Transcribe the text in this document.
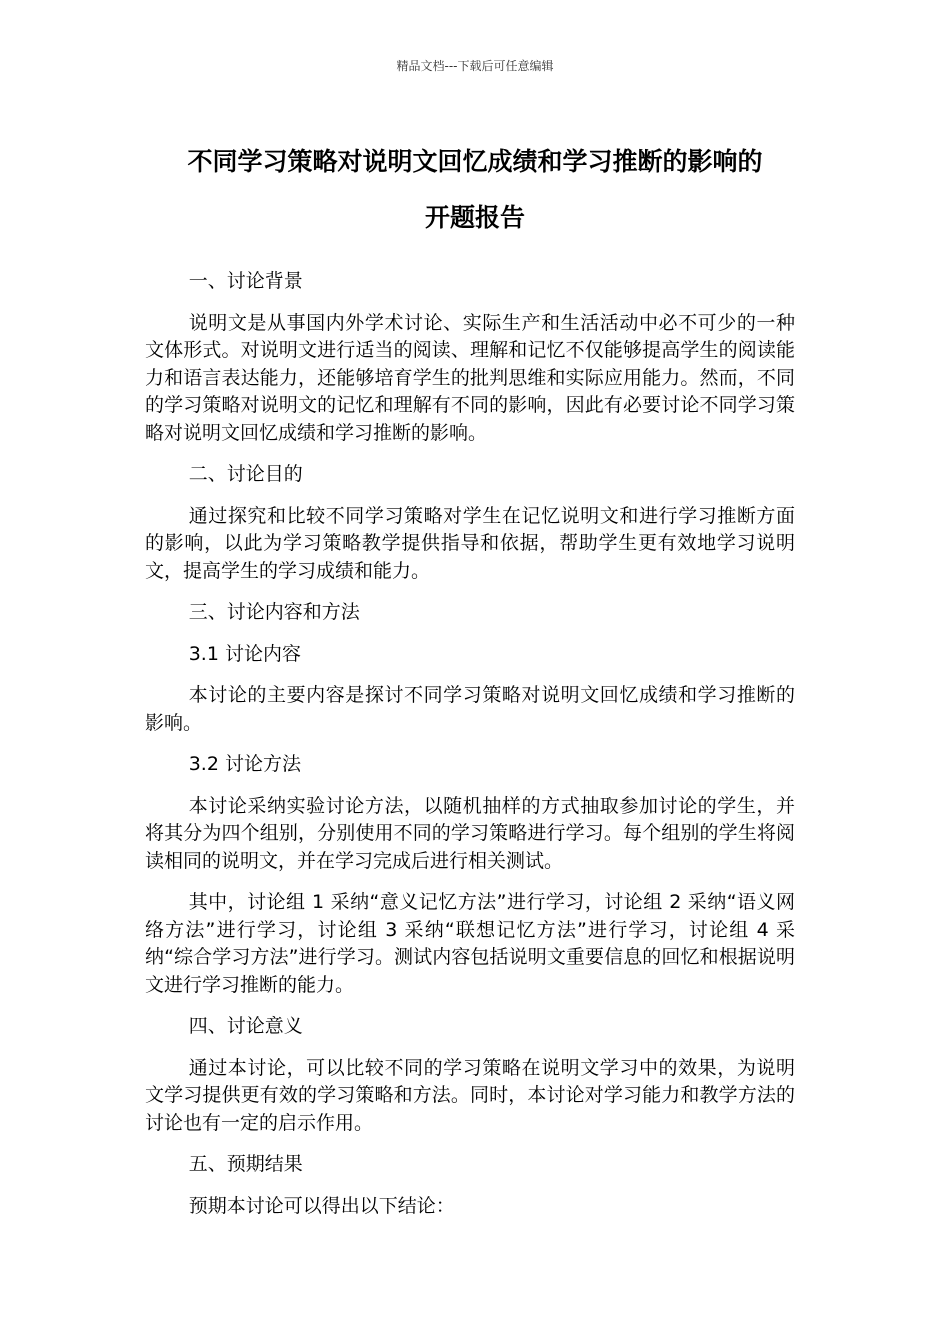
精品文档---下载后可任意编辑
不同学习策略对说明文回忆成绩和学习推断的影响的
开题报告

一、讨论背景

说明文是从事国内外学术讨论、实际生产和生活活动中必不可少的一种文体形式。对说明文进行适当的阅读、理解和记忆不仅能够提高学生的阅读能力和语言表达能力，还能够培育学生的批判思维和实际应用能力。然而，不同的学习策略对说明文的记忆和理解有不同的影响，因此有必要讨论不同学习策略对说明文回忆成绩和学习推断的影响。

二、讨论目的

通过探究和比较不同学习策略对学生在记忆说明文和进行学习推断方面的影响，以此为学习策略教学提供指导和依据，帮助学生更有效地学习说明文，提高学生的学习成绩和能力。

三、讨论内容和方法

3.1 讨论内容

本讨论的主要内容是探讨不同学习策略对说明文回忆成绩和学习推断的影响。

3.2 讨论方法

本讨论采纳实验讨论方法，以随机抽样的方式抽取参加讨论的学生，并将其分为四个组别，分别使用不同的学习策略进行学习。每个组别的学生将阅读相同的说明文，并在学习完成后进行相关测试。

其中，讨论组 1 采纳“意义记忆方法”进行学习，讨论组 2 采纳“语义网络方法”进行学习，讨论组 3 采纳“联想记忆方法”进行学习，讨论组 4 采纳“综合学习方法”进行学习。测试内容包括说明文重要信息的回忆和根据说明文进行学习推断的能力。

四、讨论意义

通过本讨论，可以比较不同的学习策略在说明文学习中的效果，为说明文学习提供更有效的学习策略和方法。同时，本讨论对学习能力和教学方法的讨论也有一定的启示作用。

五、预期结果

预期本讨论可以得出以下结论：
